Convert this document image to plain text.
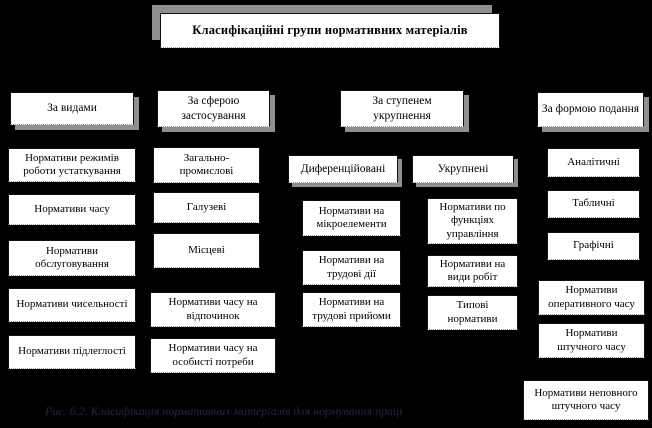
Класифікаційні групи нормативних матеріалів
За видами
За сферою застосування
За ступенем укрупнення
За формою подання
Нормативи режимів роботи устаткування
Нормативи часу
Нормативи обслуговування
Нормативи чисельності
Нормативи підлеглості
Загально-промислові
Галузеві
Місцеві
Нормативи часу на відпочинок
Нормативи часу на особисті потреби
Диференційовані	Укрупнені
Нормативи на мікроелементи
Нормативи на трудові дії
Нормативи на трудові прийоми
Нормативи по функціях управління
Нормативи на види робіт
Типові нормативи
Аналітичні
Табличні
Графічні
Нормативи оперативного часу
Нормативи штучного часу
Нормативи неповного штучного часу
Рис. 6.2. Класифікація нормативних матеріалів для нормування праці
